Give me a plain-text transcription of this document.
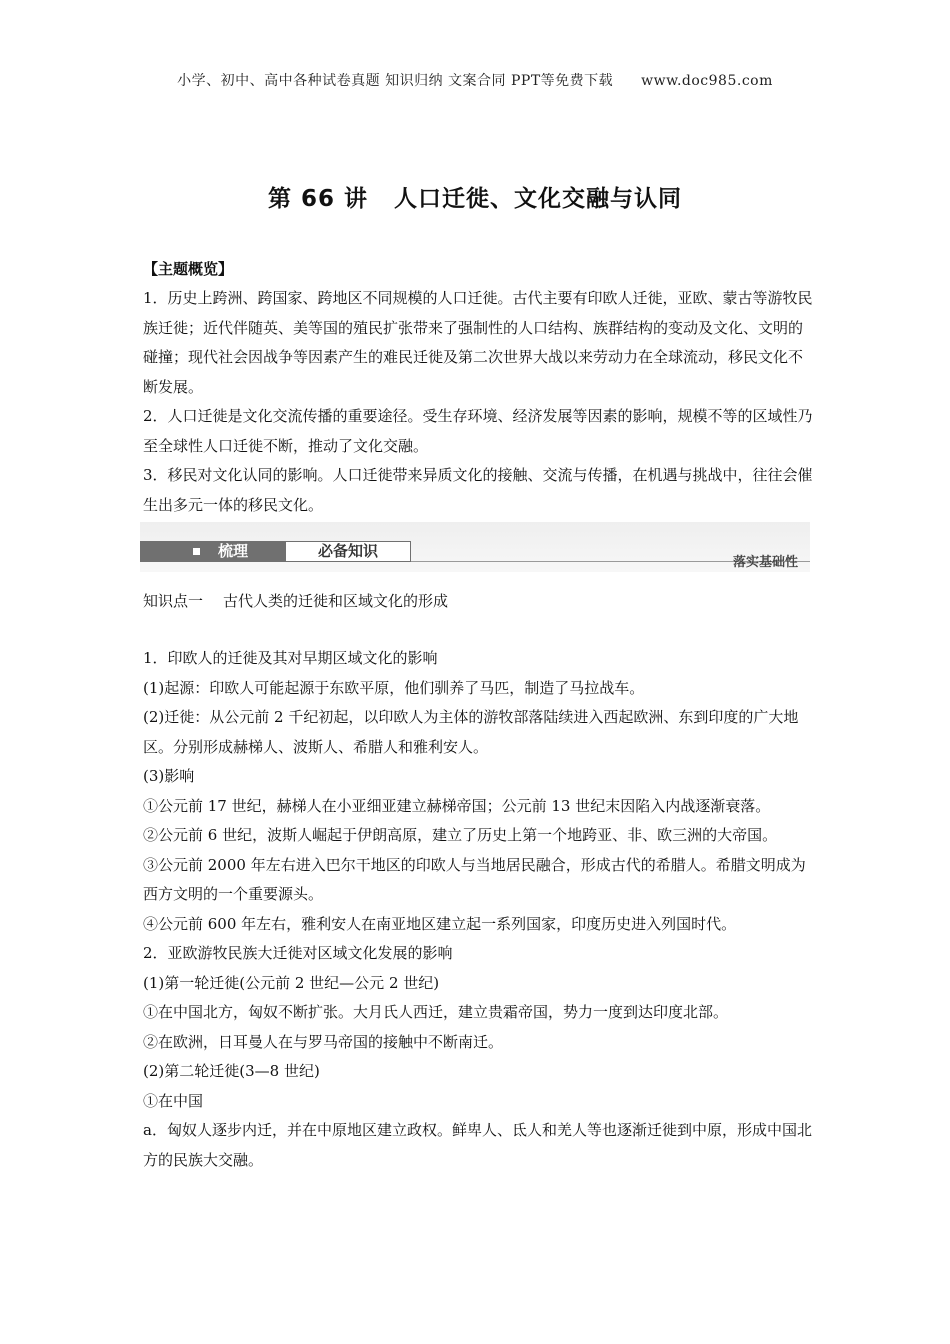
小学、初中、高中各种试卷真题 知识归纳 文案合同 PPT等免费下载 www.doc985.com
第 66 讲 人口迁徙、文化交融与认同
【主题概览】

1．历史上跨洲、跨国家、跨地区不同规模的人口迁徙。古代主要有印欧人迁徙，亚欧、蒙古等游牧民族迁徙；近代伴随英、美等国的殖民扩张带来了强制性的人口结构、族群结构的变动及文化、文明的碰撞；现代社会因战争等因素产生的难民迁徙及第二次世界大战以来劳动力在全球流动，移民文化不断发展。

2．人口迁徙是文化交流传播的重要途径。受生存环境、经济发展等因素的影响，规模不等的区域性乃至全球性人口迁徙不断，推动了文化交融。

3．移民对文化认同的影响。人口迁徙带来异质文化的接触、交流与传播，在机遇与挑战中，往往会催生出多元一体的移民文化。

梳理	必备知识
落实基础性
知识点一 古代人类的迁徙和区域文化的形成

1．印欧人的迁徙及其对早期区域文化的影响

(1)起源：印欧人可能起源于东欧平原，他们驯养了马匹，制造了马拉战车。

(2)迁徙：从公元前 2 千纪初起，以印欧人为主体的游牧部落陆续进入西起欧洲、东到印度的广大地区。分别形成赫梯人、波斯人、希腊人和雅利安人。

(3)影响

①公元前 17 世纪，赫梯人在小亚细亚建立赫梯帝国；公元前 13 世纪末因陷入内战逐渐衰落。

②公元前 6 世纪，波斯人崛起于伊朗高原，建立了历史上第一个地跨亚、非、欧三洲的大帝国。

③公元前 2000 年左右进入巴尔干地区的印欧人与当地居民融合，形成古代的希腊人。希腊文明成为西方文明的一个重要源头。

④公元前 600 年左右，雅利安人在南亚地区建立起一系列国家，印度历史进入列国时代。

2．亚欧游牧民族大迁徙对区域文化发展的影响

(1)第一轮迁徙(公元前 2 世纪—公元 2 世纪)

①在中国北方，匈奴不断扩张。大月氏人西迁，建立贵霜帝国，势力一度到达印度北部。

②在欧洲，日耳曼人在与罗马帝国的接触中不断南迁。

(2)第二轮迁徙(3—8 世纪)

①在中国

a．匈奴人逐步内迁，并在中原地区建立政权。鲜卑人、氐人和羌人等也逐渐迁徙到中原，形成中国北方的民族大交融。
